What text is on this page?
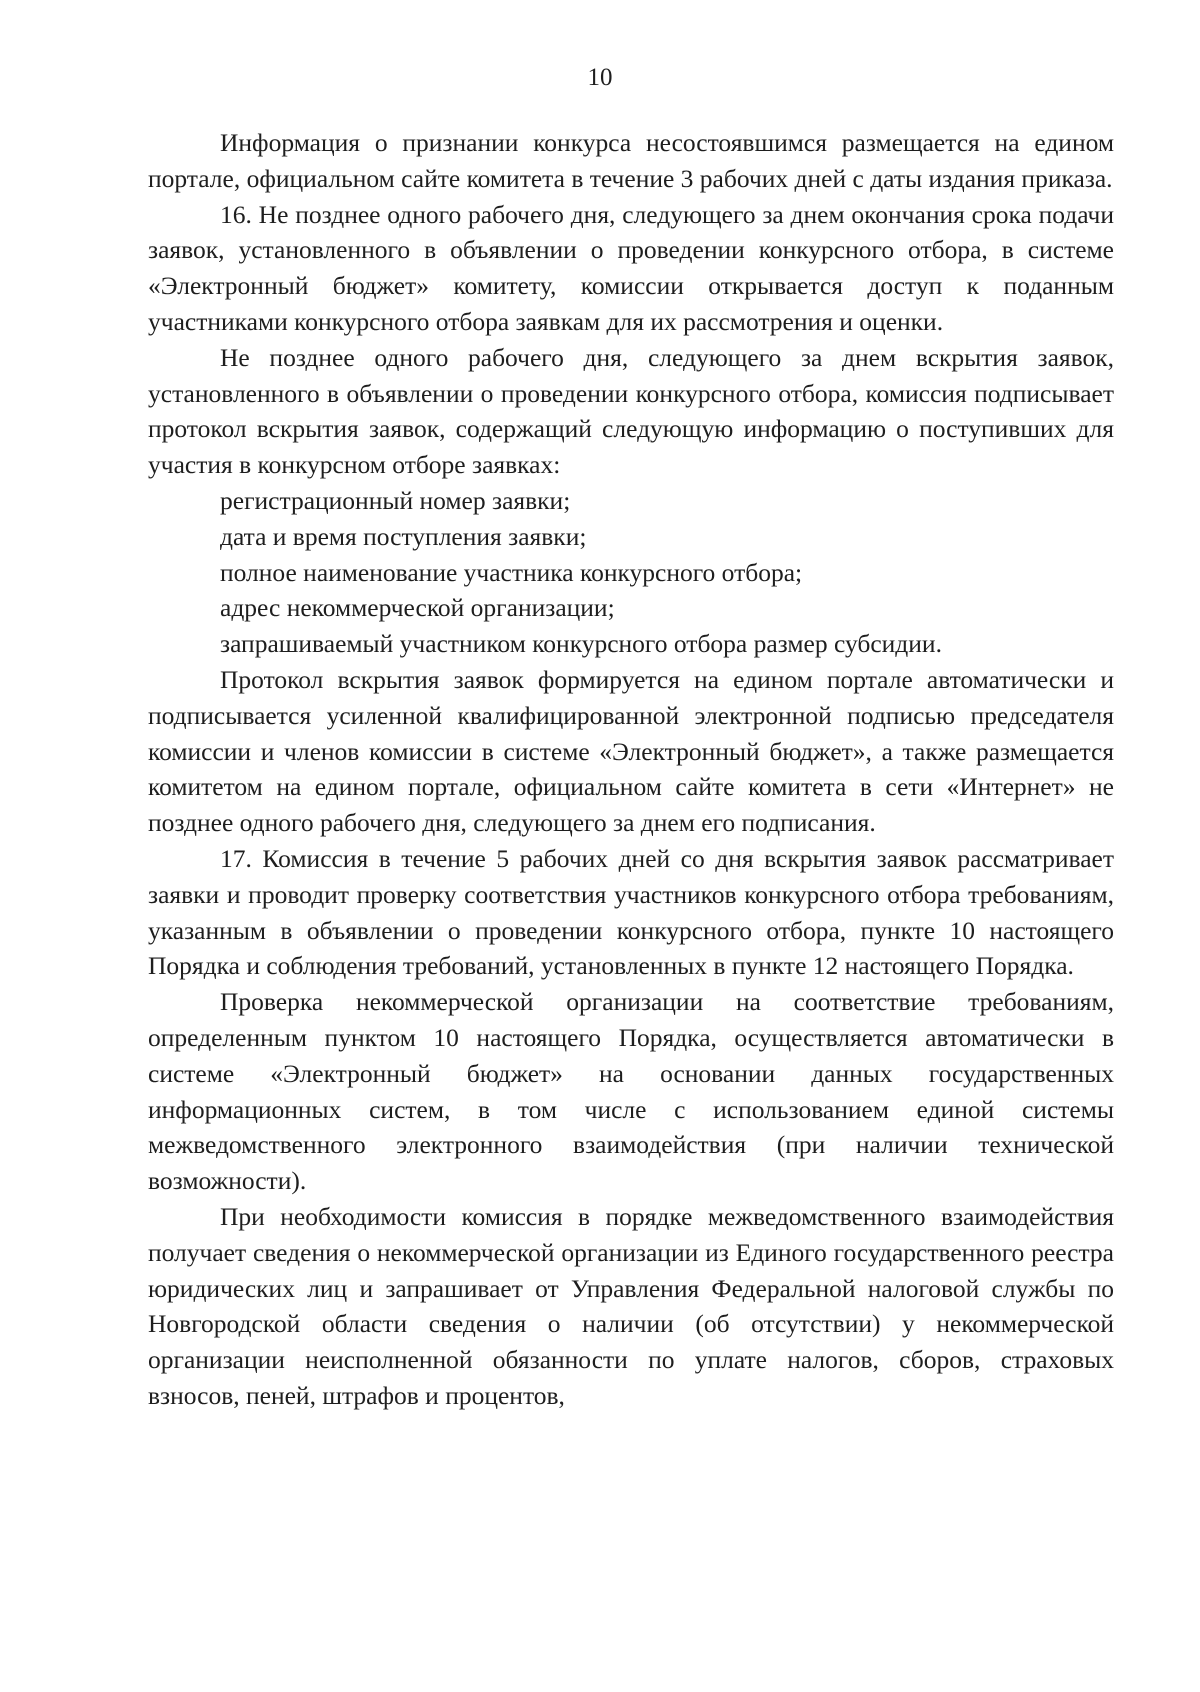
10

Информация о признании конкурса несостоявшимся размещается на едином портале, официальном сайте комитета в течение 3 рабочих дней с даты издания приказа.

16. Не позднее одного рабочего дня, следующего за днем окончания срока подачи заявок, установленного в объявлении о проведении конкурсного отбора, в системе «Электронный бюджет» комитету, комиссии открывается доступ к поданным участниками конкурсного отбора заявкам для их рассмотрения и оценки.

Не позднее одного рабочего дня, следующего за днем вскрытия заявок, установленного в объявлении о проведении конкурсного отбора, комиссия подписывает протокол вскрытия заявок, содержащий следующую информацию о поступивших для участия в конкурсном отборе заявках:

регистрационный номер заявки;

дата и время поступления заявки;

полное наименование участника конкурсного отбора;

адрес некоммерческой организации;

запрашиваемый участником конкурсного отбора размер субсидии.

Протокол вскрытия заявок формируется на едином портале автоматически и подписывается усиленной квалифицированной электронной подписью председателя комиссии и членов комиссии в системе «Электронный бюджет», а также размещается комитетом на едином портале, официальном сайте комитета в сети «Интернет» не позднее одного рабочего дня, следующего за днем его подписания.

17. Комиссия в течение 5 рабочих дней со дня вскрытия заявок рассматривает заявки и проводит проверку соответствия участников конкурсного отбора требованиям, указанным в объявлении о проведении конкурсного отбора, пункте 10 настоящего Порядка и соблюдения требований, установленных в пункте 12 настоящего Порядка.

Проверка некоммерческой организации на соответствие требованиям, определенным пунктом 10 настоящего Порядка, осуществляется автоматически в системе «Электронный бюджет» на основании данных государственных информационных систем, в том числе с использованием единой системы межведомственного электронного взаимодействия (при наличии технической возможности).

При необходимости комиссия в порядке межведомственного взаимодействия получает сведения о некоммерческой организации из Единого государственного реестра юридических лиц и запрашивает от Управления Федеральной налоговой службы по Новгородской области сведения о наличии (об отсутствии) у некоммерческой организации неисполненной обязанности по уплате налогов, сборов, страховых взносов, пеней, штрафов и процентов,
